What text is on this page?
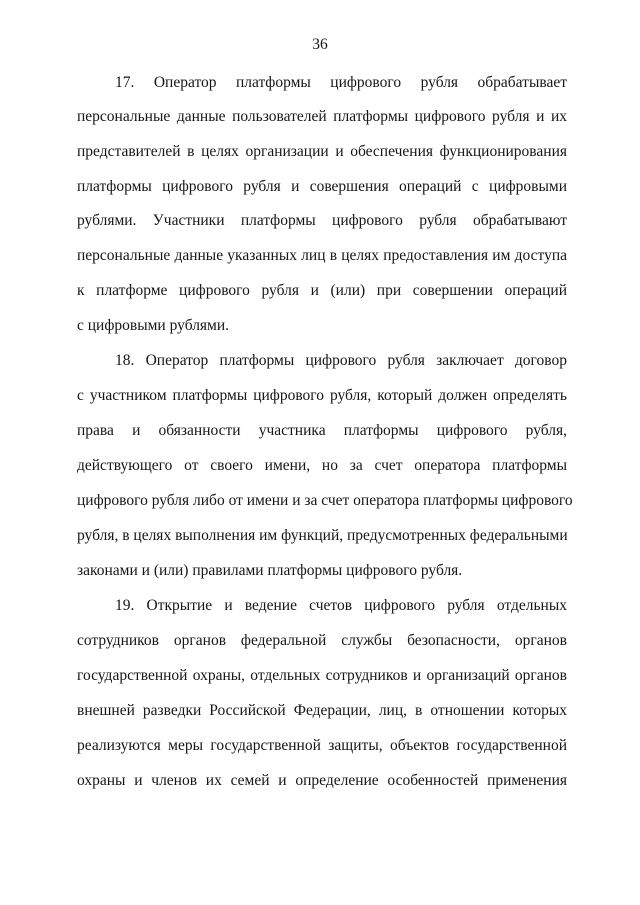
36
17. Оператор платформы цифрового рубля обрабатывает
персональные данные пользователей платформы цифрового рубля и их
представителей в целях организации и обеспечения функционирования
платформы цифрового рубля и совершения операций с цифровыми
рублями. Участники платформы цифрового рубля обрабатывают
персональные данные указанных лиц в целях предоставления им доступа
к платформе цифрового рубля и (или) при совершении операций
с цифровыми рублями.
18. Оператор платформы цифрового рубля заключает договор
с участником платформы цифрового рубля, который должен определять
права и обязанности участника платформы цифрового рубля,
действующего от своего имени, но за счет оператора платформы
цифрового рубля либо от имени и за счет оператора платформы цифрового
рубля, в целях выполнения им функций, предусмотренных федеральными
законами и (или) правилами платформы цифрового рубля.
19. Открытие и ведение счетов цифрового рубля отдельных
сотрудников органов федеральной службы безопасности, органов
государственной охраны, отдельных сотрудников и организаций органов
внешней разведки Российской Федерации, лиц, в отношении которых
реализуются меры государственной защиты, объектов государственной
охраны и членов их семей и определение особенностей применения
